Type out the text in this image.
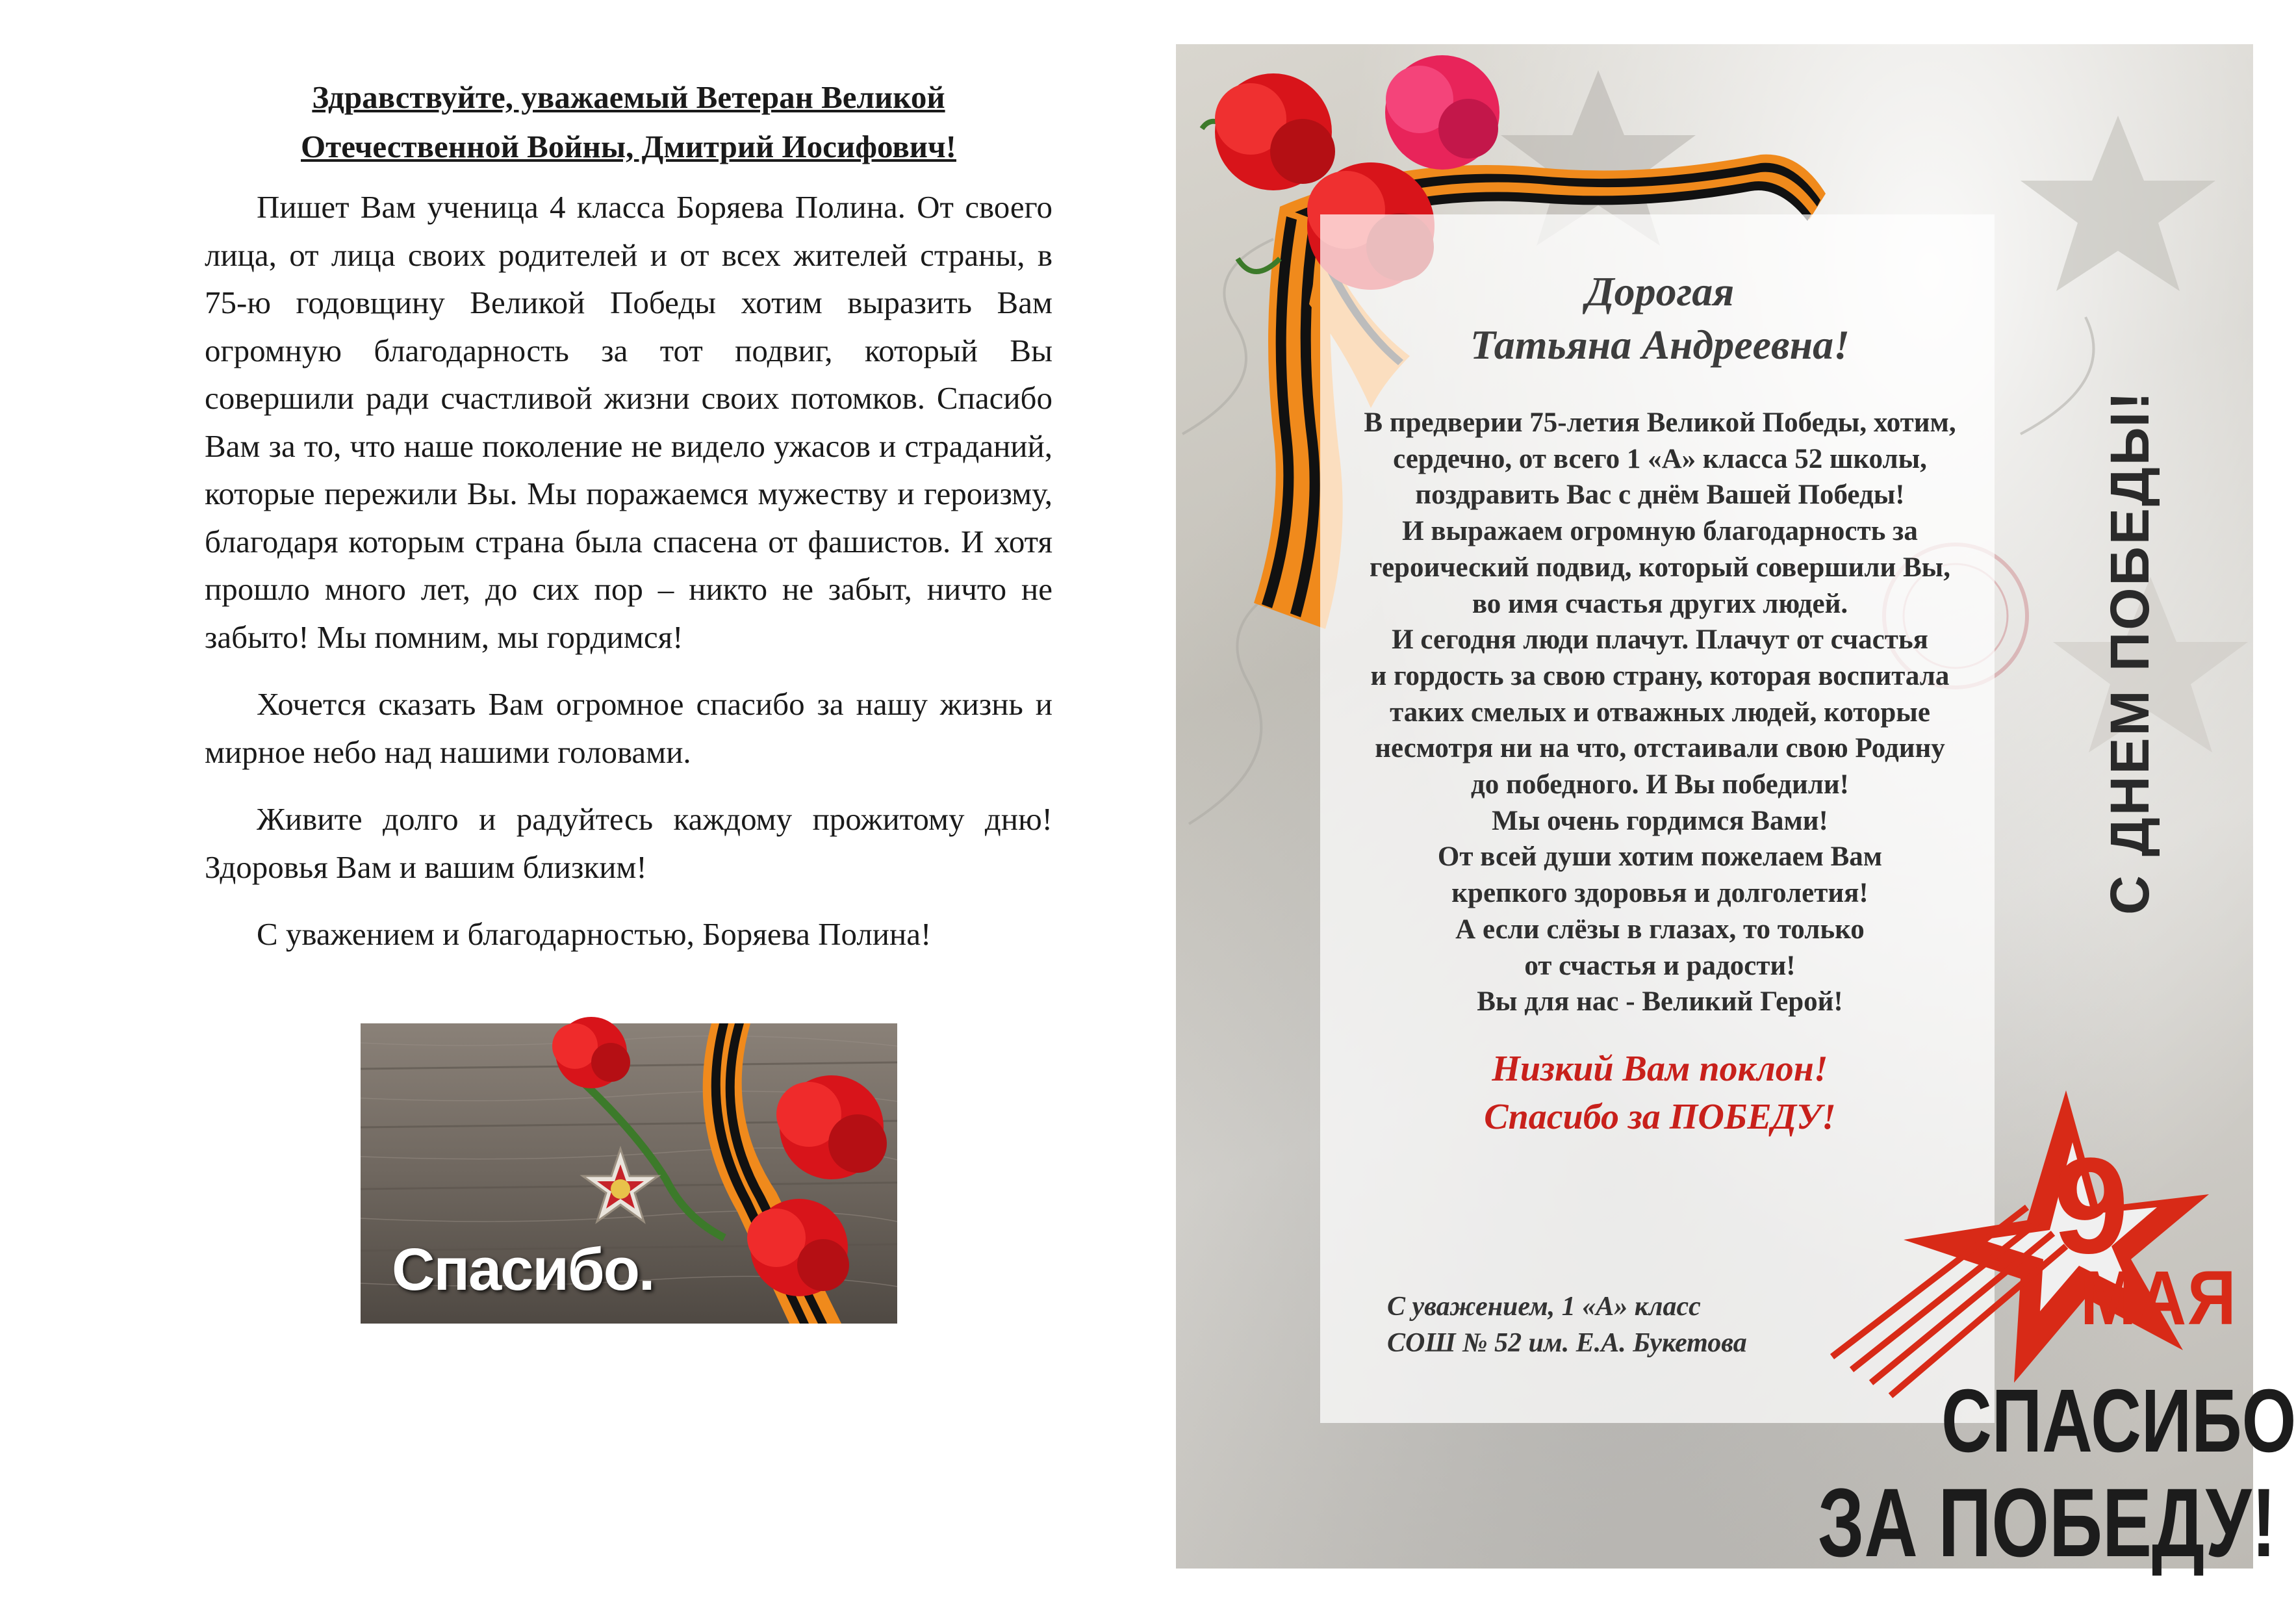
Здравствуйте, уважаемый Ветеран Великой
Отечественной Войны, Дмитрий Иосифович!

Пишет Вам ученица 4 класса Боряева Полина. От своего лица, от лица своих родителей и от всех жителей страны, в 75-ю годовщину Великой Победы хотим выразить Вам огромную благодарность за тот подвиг, который Вы совершили ради счастливой жизни своих потомков. Спасибо Вам за то, что наше поколение не видело ужасов и страданий, которые пережили Вы. Мы поражаемся мужеству и героизму, благодаря которым страна была спасена от фашистов. И хотя прошло много лет, до сих пор – никто не забыт, ничто не забыто! Мы помним, мы гордимся!

Хочется сказать Вам огромное спасибо за нашу жизнь и мирное небо над нашими головами.

Живите долго и радуйтесь каждому прожитому дню! Здоровья Вам и вашим близким!

С уважением и благодарностью, Боряева Полина!

Спасибо.
Дорогая
Татьяна Андреевна!
В предверии 75-летия Великой Победы, хотим,
сердечно, от всего 1 «А» класса 52 школы,
поздравить Вас с днём Вашей Победы!
И выражаем огромную благодарность за
героический подвид, который совершили Вы,
во имя счастья других людей.
И сегодня люди плачут. Плачут от счастья
и гордость за свою страну, которая воспитала
таких смелых и отважных людей, которые
несмотря ни на что, отстаивали свою Родину
до победного. И Вы победили!
Мы очень гордимся Вами!
От всей души хотим пожелаем Вам
крепкого здоровья и долголетия!
А если слёзы в глазах, то только
от счастья и радости!
Вы для нас - Великий Герой!
Низкий Вам поклон!
Спасибо за ПОБЕДУ!
С уважением, 1 «А» класс
СОШ № 52 им. Е.А. Букетова
С ДНЕМ ПОБЕДЫ!
9
МАЯ
СПАСИБО
ЗА ПОБЕДУ!
